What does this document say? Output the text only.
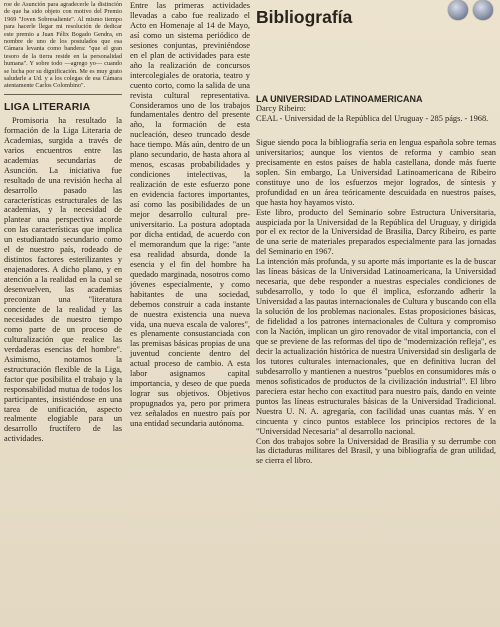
roe de Asunción para agradecerle la distinción de que ha sido objeto con motivo del Premio 1969 "Joven Sobresaliente". Al mismo tiempo para hacerle llegar mi resolución de dedicar este premio a Juan Félix Bogado Gendra, en nombre de uno de los postulados que esa Cámara levanta como bandera: "que el gran tesoro de la tierra reside en la personalidad humana". Y sobre todo —agrego yo— cuando se lucha por su dignificación. Me es muy grato saludarle a Ud. y a los colegas de esa Cámara atentamente Carlos Colombino".

LIGA LITERARIA

Promisoria ha resultado la formación de la Liga Literaria de Academias, surgida a través de varios encuentros entre las academias secundarias de Asunción. La iniciativa fue resultado de una revisión hecha al desarrollo pasado las características estructurales de las academias, y la necesidad de plantear una perspectiva acorde con las características que implica un estudiantado secundario como el de nuestro país, rodeado de distintos factores esterilizantes y enajenadores. A dicho plano, y en atención a la realidad en la cual se desenvuelven, las academias preconizan una "literatura conciente de la realidad y las necesidades de nuestro tiempo como parte de un proceso de culturalización que realice las verdaderas esencias del hombre". Asimismo, notamos la estructuración flexible de la Liga, factor que posibilita el trabajo y la responsabilidad mutua de todos los participantes, insistiéndose en una tarea de unificación, aspecto realmente elogiable para un desarrollo fructífero de las actividades.

Entre las primeras actividades llevadas a cabo fue realizado el Acto en Homenaje al 14 de Mayo, así como un sistema periódico de sesiones conjuntas, previniéndose en el plan de actividades para este año la realización de concursos intercolegiales de oratoria, teatro y cuento corto, como la salida de una revista cultural representativa. Consideramos uno de los trabajos fundamentales dentro del presente año, la formación de esta nucleación, deseo truncado desde hace tiempo. Más aún, dentro de un plano secundario, de hasta ahora al menos, escasas probabilidades y condiciones intelectivas, la realización de este esfuerzo pone en evidencia factores importantes, así como las posibilidades de un mejor desarrollo cultural pre-universitario. La postura adoptada por dicha entidad, de acuerdo con el memorandum que la rige: "ante esa realidad absurda, donde la esencia y el fin del hombre ha quedado marginada, nosotros como jóvenes especialmente, y como habitantes de una sociedad, debemos construir a cada instante de nuestra existencia una nueva vida, una nueva escala de valores", es plenamente consustanciada con las premisas básicas propias de una juventud conciente dentro del actual proceso de cambio. A esta labor asignamos capital importancia, y deseo de que pueda lograr sus objetivos. Objetivos propugnados ya, pero por primera vez señalados en nuestro país por una entidad secundaria autónoma.

Bibliografía
LA UNIVERSIDAD LATINOAMERICANA

Darcy Ribeiro:
CEAL - Universidad de la República del Uruguay - 285 págs. - 1968.

Sigue siendo poca la bibliografía seria en lengua española sobre temas universitarios; aunque los vientos de reforma y cambio sean precisamente en estos países de habla castellana, donde más fuerte soplen. Sin embargo, La Universidad Latinoamericana de Ribeiro constituye uno de los esfuerzos mejor logrados, de síntesis y profundidad en un área teóricamente descuidada en nuestros países, que hasta hoy hayamos visto.

Este libro, producto del Seminario sobre Estructura Universitaria, auspiciada por la Universidad de la República del Uruguay, y dirigida por el ex rector de la Universidad de Brasilia, Darcy Ribeiro, es parte de una serie de materiales preparados especialmente para las jornadas del Seminario en 1967.

La intención más profunda, y su aporte más importante es la de buscar las líneas básicas de la Universidad Latinoamericana, la Universidad necesaria, que debe responder a nuestras especiales condiciones de subdesarrollo, y todo lo que él implica, esforzando adherir la Universidad a las pautas internacionales de Cultura y buscando con ella la solución de los problemas nacionales. Estas proposiciones básicas, de fidelidad a los patrones internacionales de Cultura y compromiso con la Nación, implican un giro renovador de vital importancia, con el que se previene de las reformas del tipo de "modernización refleja", es decir la actualización histórica de nuestra Universidad sin desligarla de los tutores culturales internacionales, que en definitiva lucran del subdesarrollo y mantienen a nuestros "pueblos en consumidores más o menos sofisticados de productos de la civilización industrial". El libro pareciera estar hecho con exactitud para nuestro país, dando en veinte puntos las líneas estructurales básicas de la Universidad Tradicional. Nuestra U. N. A. agregaría, con facilidad unas cuantas más. Y en cincuenta y cinco puntos establece los principios rectores de la "Universidad Necesaria" al desarrollo nacional.

Con dos trabajos sobre la Universidad de Brasilia y su derrumbe con las dictaduras militares del Brasil, y una bibliografía de gran utilidad, se cierra el libro.
